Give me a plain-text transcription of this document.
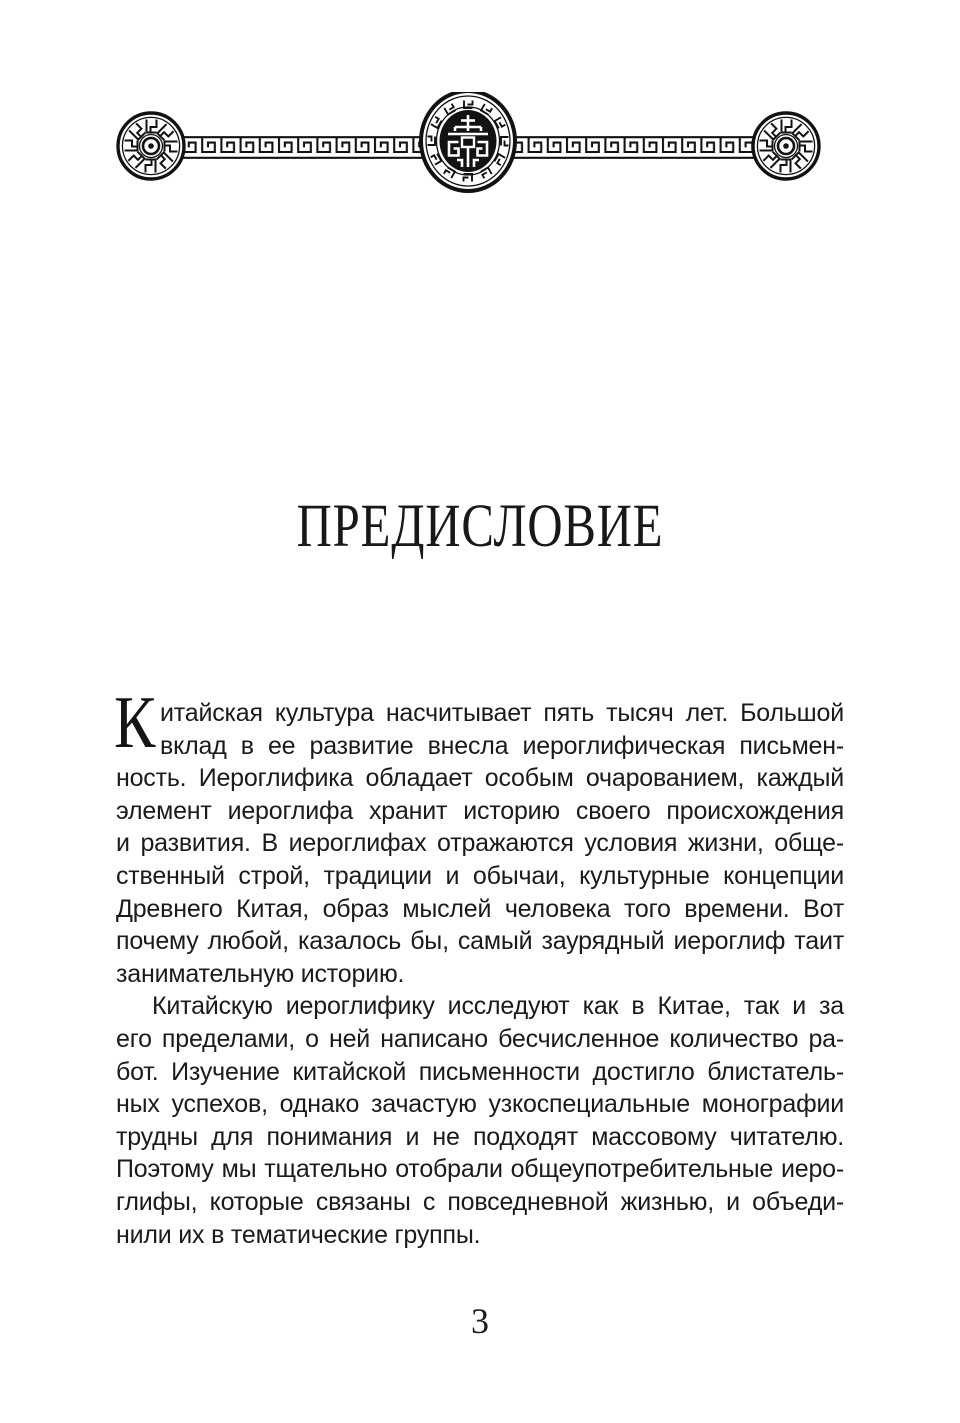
ПРЕДИСЛОВИЕ
К итайская культура насчитывает пять тысяч лет. Большой
вклад в ее развитие внесла иероглифическая письмен-
ность. Иероглифика обладает особым очарованием, каждый
элемент иероглифа хранит историю своего происхождения
и развития. В иероглифах отражаются условия жизни, обще-
ственный строй, традиции и обычаи, культурные концепции
Древнего Китая, образ мыслей человека того времени. Вот
почему любой, казалось бы, самый заурядный иероглиф таит
занимательную историю.
Китайскую иероглифику исследуют как в Китае, так и за
его пределами, о ней написано бесчисленное количество ра-
бот. Изучение китайской письменности достигло блистатель-
ных успехов, однако зачастую узкоспециальные монографии
трудны для понимания и не подходят массовому читателю.
Поэтому мы тщательно отобрали общеупотребительные иеро-
глифы, которые связаны с повседневной жизнью, и объеди-
нили их в тематические группы.
3
